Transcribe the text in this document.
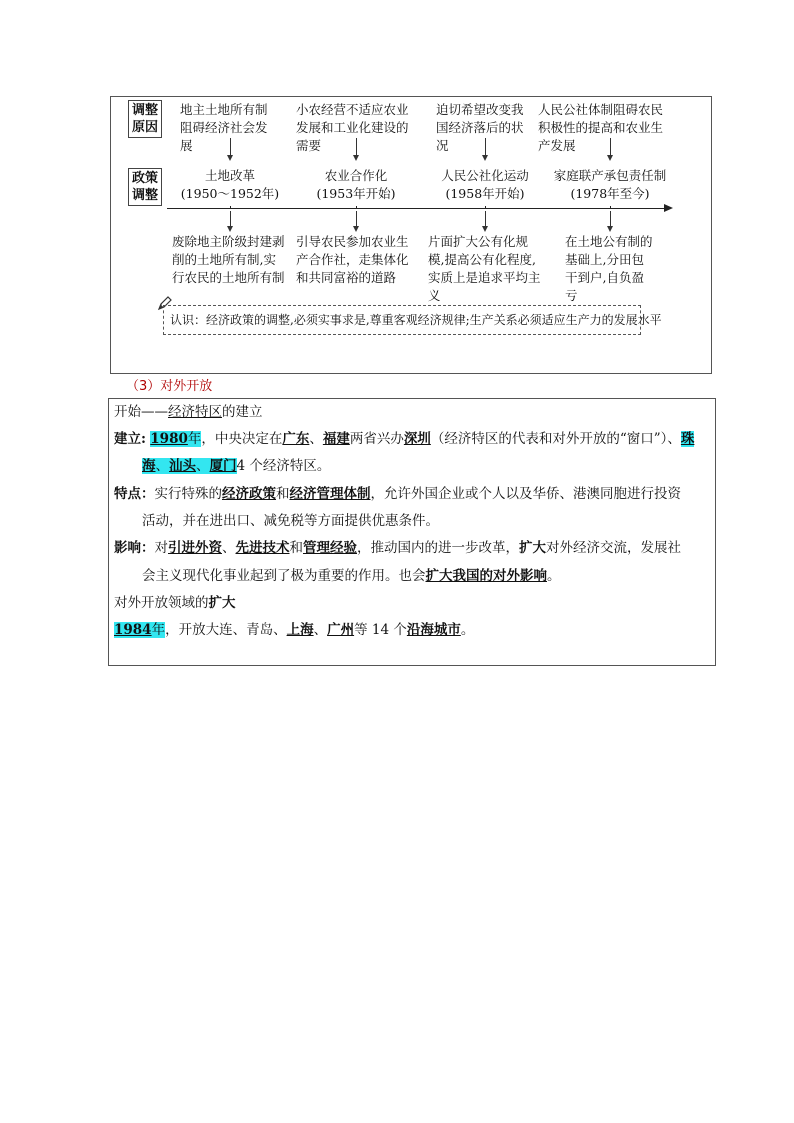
调整原因
政策调整
地主土地所有制阻碍经济社会发展
小农经营不适应农业发展和工业化建设的需要
迫切希望改变我国经济落后的状况
人民公社体制阻碍农民积极性的提高和农业生产发展
土地改革
(1950～1952年)
农业合作化
(1953年开始)
人民公社化运动
(1958年开始)
家庭联产承包责任制
(1978年至今)
废除地主阶级封建剥削的土地所有制,实行农民的土地所有制
引导农民参加农业生产合作社，走集体化和共同富裕的道路
片面扩大公有化规模,提高公有化程度,实质上是追求平均主义
在土地公有制的基础上,分田包干到户,自负盈亏
认识：经济政策的调整,必须实事求是,尊重客观经济规律;生产关系必须适应生产力的发展水平
（3）对外开放
开始——经济特区的建立
建立: 1980年，中央决定在广东、福建两省兴办深圳（经济特区的代表和对外开放的“窗口”）、珠
海、汕头、厦门4 个经济特区。
特点：实行特殊的经济政策和经济管理体制，允许外国企业或个人以及华侨、港澳同胞进行投资
活动，并在进出口、减免税等方面提供优惠条件。
影响：对引进外资、先进技术和管理经验，推动国内的进一步改革，扩大对外经济交流，发展社
会主义现代化事业起到了极为重要的作用。也会扩大我国的对外影响。
对外开放领域的扩大
1984年，开放大连、青岛、上海、广州等 14 个沿海城市。
